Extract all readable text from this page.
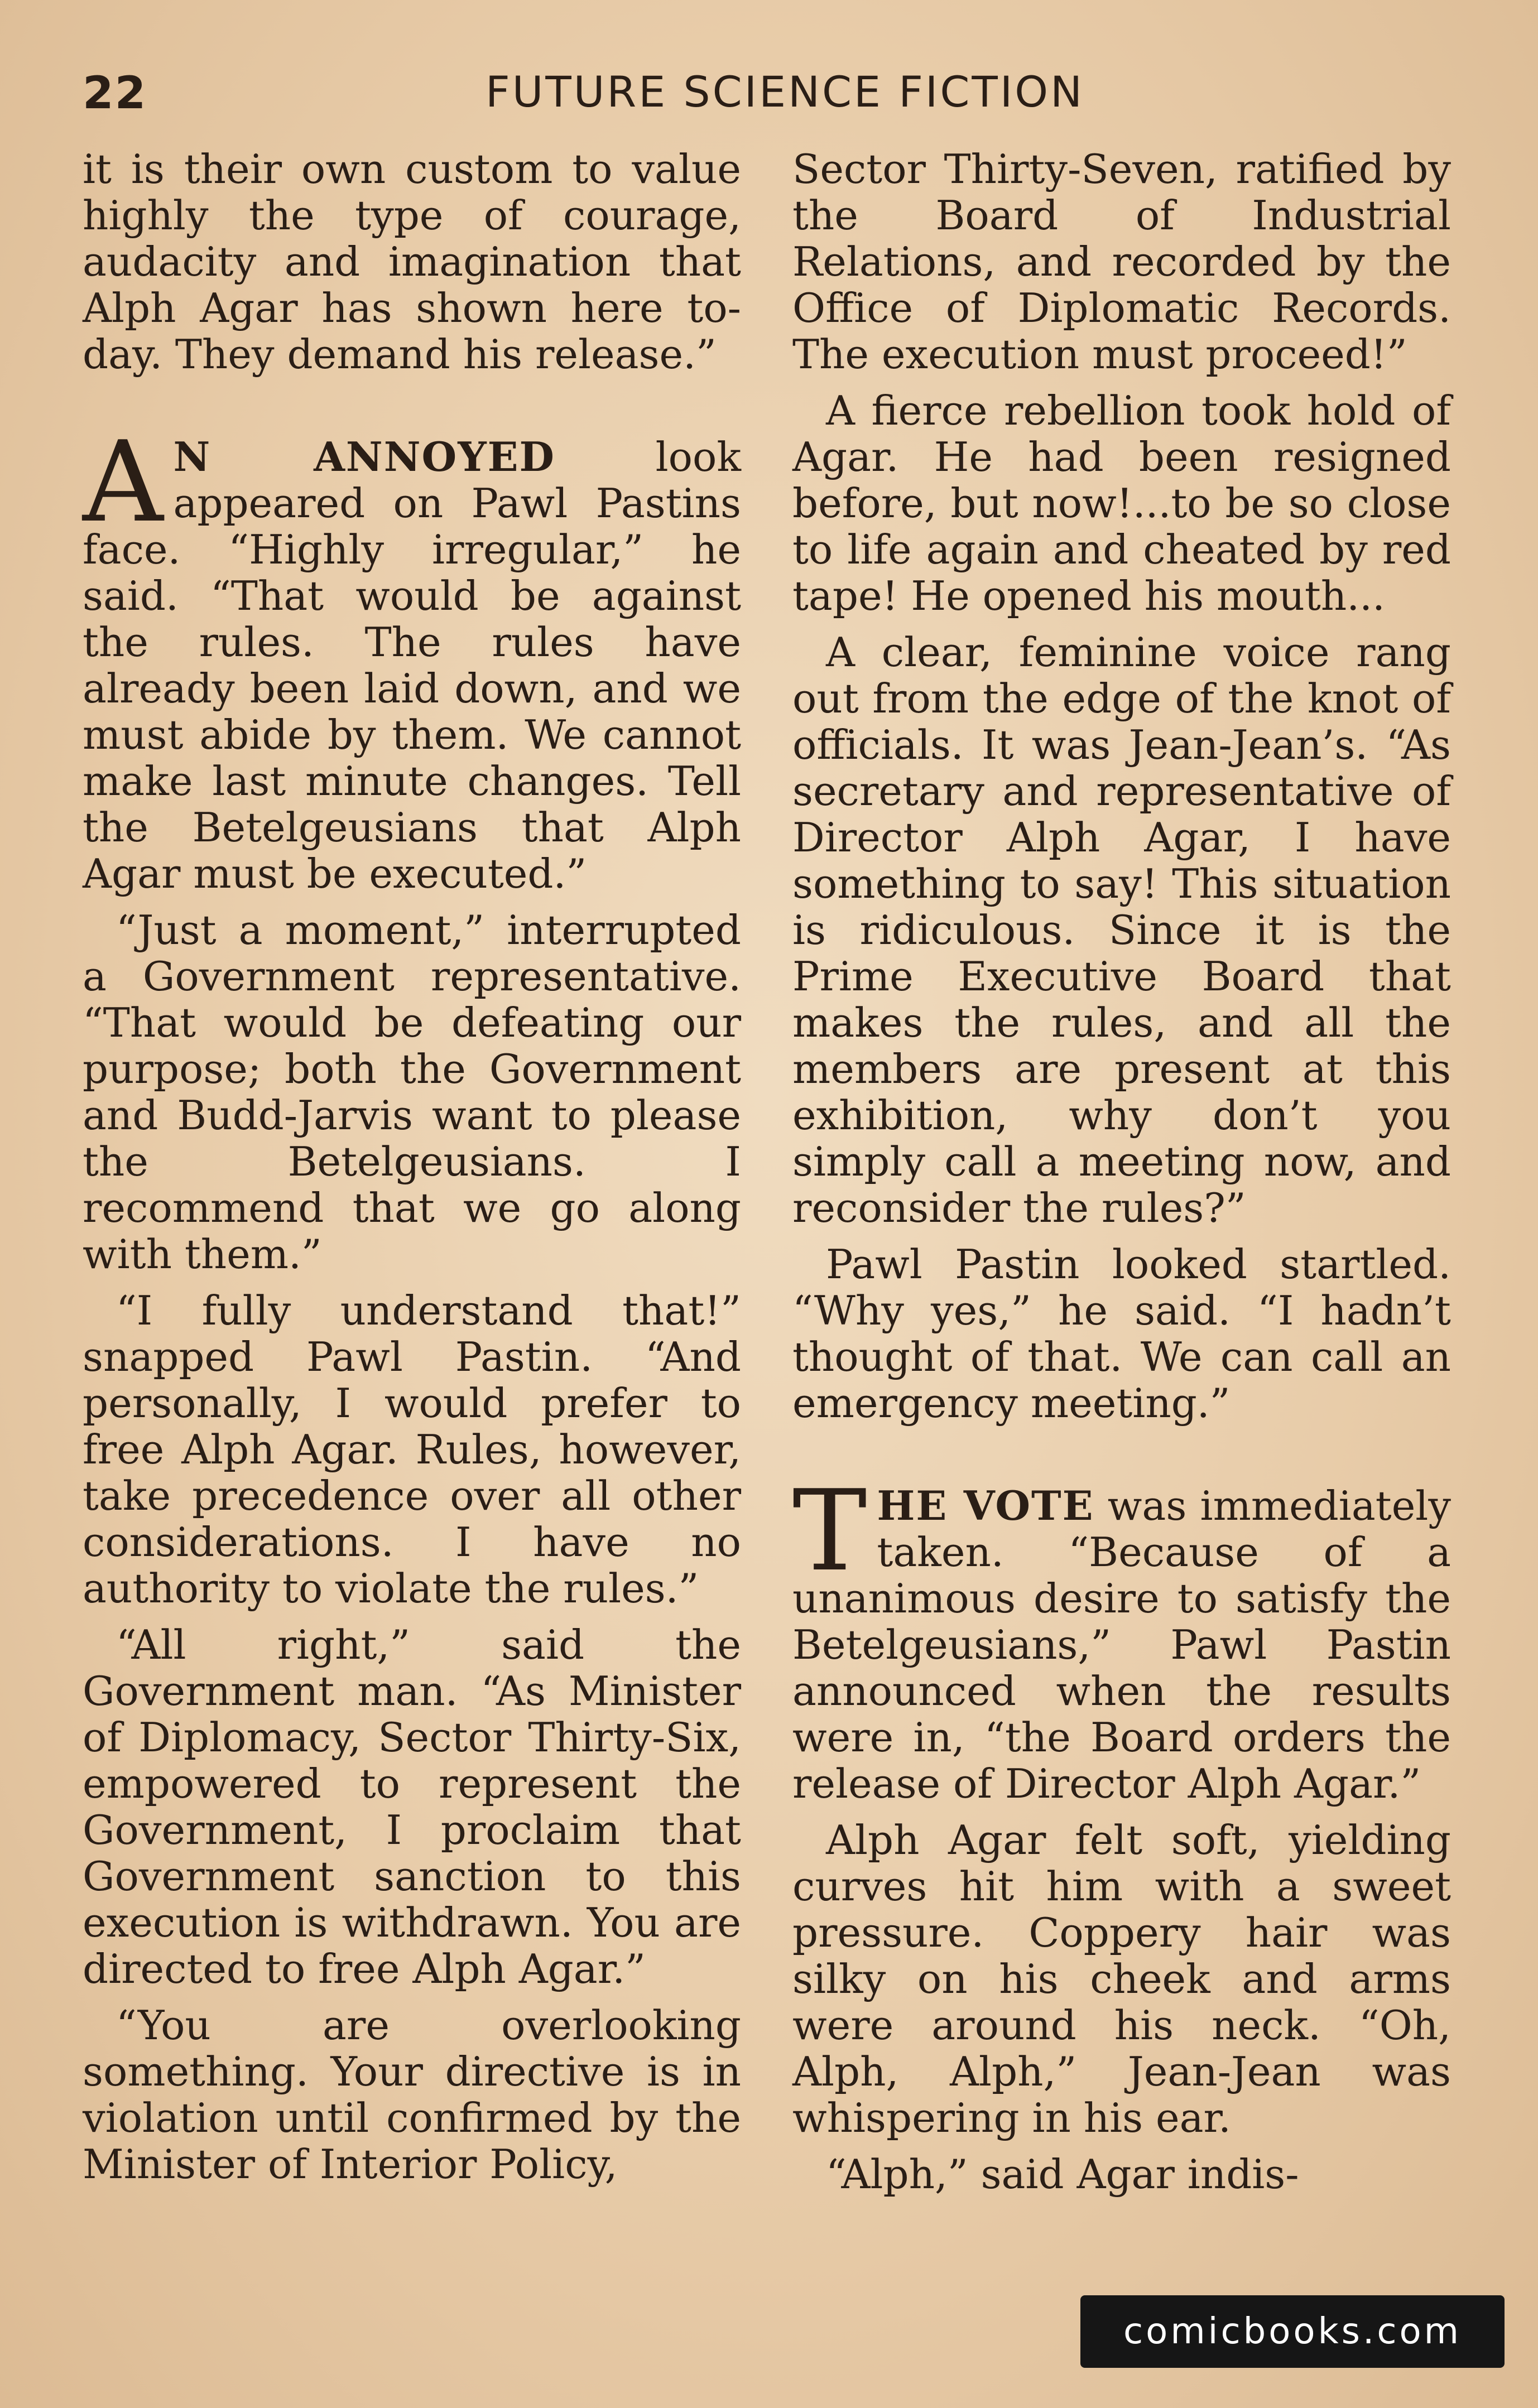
22	FUTURE SCIENCE FICTION

it is their own custom to value highly the type of courage, audacity and imagination that Alph Agar has shown here to-day. They demand his release.”

A N ANNOYED look appeared on Pawl Pastins face. “Highly irregular,” he said. “That would be against the rules. The rules have already been laid down, and we must abide by them. We cannot make last minute changes. Tell the Betelgeusians that Alph Agar must be executed.”

“Just a moment,” interrupted a Government representative. “That would be defeating our purpose; both the Government and Budd-Jarvis want to please the Betelgeusians. I recommend that we go along with them.”

“I fully understand that!” snapped Pawl Pastin. “And personally, I would prefer to free Alph Agar. Rules, however, take precedence over all other considerations. I have no authority to violate the rules.”

“All right,” said the Government man. “As Minister of Diplomacy, Sector Thirty-Six, empowered to represent the Government, I proclaim that Government sanction to this execution is withdrawn. You are directed to free Alph Agar.”

“You are overlooking something. Your directive is in violation until confirmed by the Minister of Interior Policy,

Sector Thirty-Seven, ratified by the Board of Industrial Relations, and recorded by the Office of Diplomatic Records. The execution must proceed!”

A fierce rebellion took hold of Agar. He had been resigned before, but now!...to be so close to life again and cheated by red tape! He opened his mouth...

A clear, feminine voice rang out from the edge of the knot of officials. It was Jean-Jean’s. “As secretary and representative of Director Alph Agar, I have something to say! This situation is ridiculous. Since it is the Prime Executive Board that makes the rules, and all the members are present at this exhibition, why don’t you simply call a meeting now, and reconsider the rules?”

Pawl Pastin looked startled. “Why yes,” he said. “I hadn’t thought of that. We can call an emergency meeting.”

THE VOTE was immediately taken. “Because of a unanimous desire to satisfy the Betelgeusians,” Pawl Pastin announced when the results were in, “the Board orders the release of Director Alph Agar.”

Alph Agar felt soft, yielding curves hit him with a sweet pressure. Coppery hair was silky on his cheek and arms were around his neck. “Oh, Alph, Alph,” Jean-Jean was whispering in his ear.

“Alph,” said Agar indis-

comicbooks.com
